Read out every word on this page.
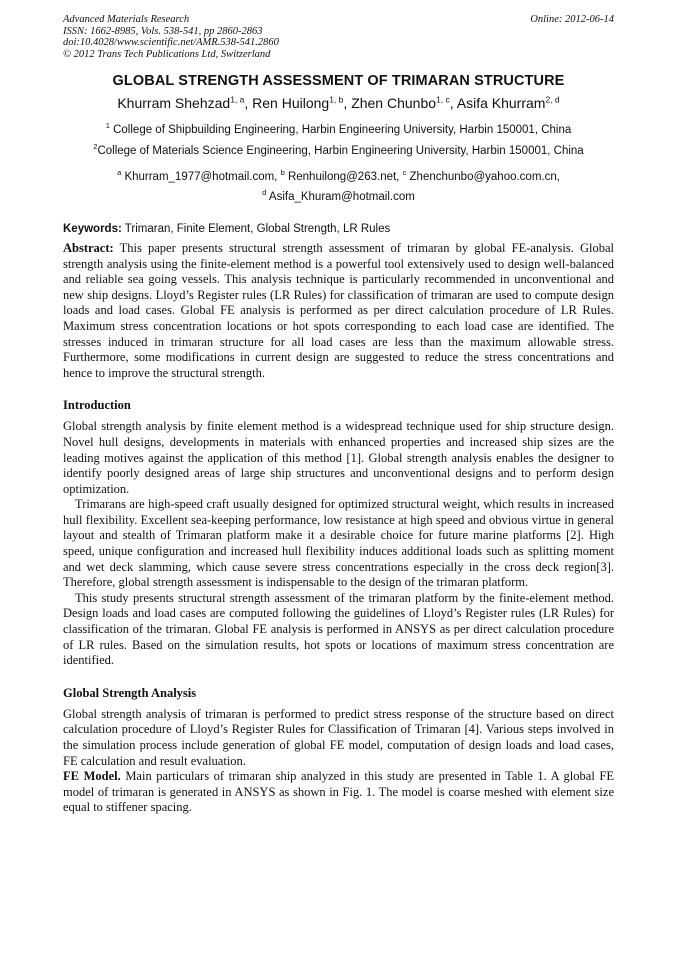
Advanced Materials Research
ISSN: 1662-8985, Vols. 538-541, pp 2860-2863
doi:10.4028/www.scientific.net/AMR.538-541.2860
© 2012 Trans Tech Publications Ltd, Switzerland
Online: 2012-06-14
GLOBAL STRENGTH ASSESSMENT OF TRIMARAN STRUCTURE
Khurram Shehzad$^{1, a}$, Ren Huilong$^{1, b}$, Zhen Chunbo$^{1, c}$, Asifa Khurram$^{2, d}$
$^1$ College of Shipbuilding Engineering, Harbin Engineering University, Harbin 150001, China
$^2$College of Materials Science Engineering, Harbin Engineering University, Harbin 150001, China
$^a$ Khurram_1977@hotmail.com, $^b$ Renhuilong@263.net, $^c$ Zhenchunbo@yahoo.com.cn,
$^d$ Asifa_Khuram@hotmail.com
Keywords: Trimaran, Finite Element, Global Strength, LR Rules

Abstract: This paper presents structural strength assessment of trimaran by global FE-analysis. Global strength analysis using the finite-element method is a powerful tool extensively used to design well-balanced and reliable sea going vessels. This analysis technique is particularly recommended in unconventional and new ship designs. Lloyd’s Register rules (LR Rules) for classification of trimaran are used to compute design loads and load cases. Global FE analysis is performed as per direct calculation procedure of LR Rules. Maximum stress concentration locations or hot spots corresponding to each load case are identified. The stresses induced in trimaran structure for all load cases are less than the maximum allowable stress. Furthermore, some modifications in current design are suggested to reduce the stress concentrations and hence to improve the structural strength.

Introduction

Global strength analysis by finite element method is a widespread technique used for ship structure design. Novel hull designs, developments in materials with enhanced properties and increased ship sizes are the leading motives against the application of this method [1]. Global strength analysis enables the designer to identify poorly designed areas of large ship structures and unconventional designs and to perform design optimization.

Trimarans are high-speed craft usually designed for optimized structural weight, which results in increased hull flexibility. Excellent sea-keeping performance, low resistance at high speed and obvious virtue in general layout and stealth of Trimaran platform make it a desirable choice for future marine platforms [2]. High speed, unique configuration and increased hull flexibility induces additional loads such as splitting moment and wet deck slamming, which cause severe stress concentrations especially in the cross deck region[3]. Therefore, global strength assessment is indispensable to the design of the trimaran platform.

This study presents structural strength assessment of the trimaran platform by the finite-element method. Design loads and load cases are computed following the guidelines of Lloyd’s Register rules (LR Rules) for classification of the trimaran. Global FE analysis is performed in ANSYS as per direct calculation procedure of LR rules. Based on the simulation results, hot spots or locations of maximum stress concentration are identified.

Global Strength Analysis

Global strength analysis of trimaran is performed to predict stress response of the structure based on direct calculation procedure of Lloyd’s Register Rules for Classification of Trimaran [4]. Various steps involved in the simulation process include generation of global FE model, computation of design loads and load cases, FE calculation and result evaluation.

FE Model. Main particulars of trimaran ship analyzed in this study are presented in Table 1. A global FE model of trimaran is generated in ANSYS as shown in Fig. 1. The model is coarse meshed with element size equal to stiffener spacing.
